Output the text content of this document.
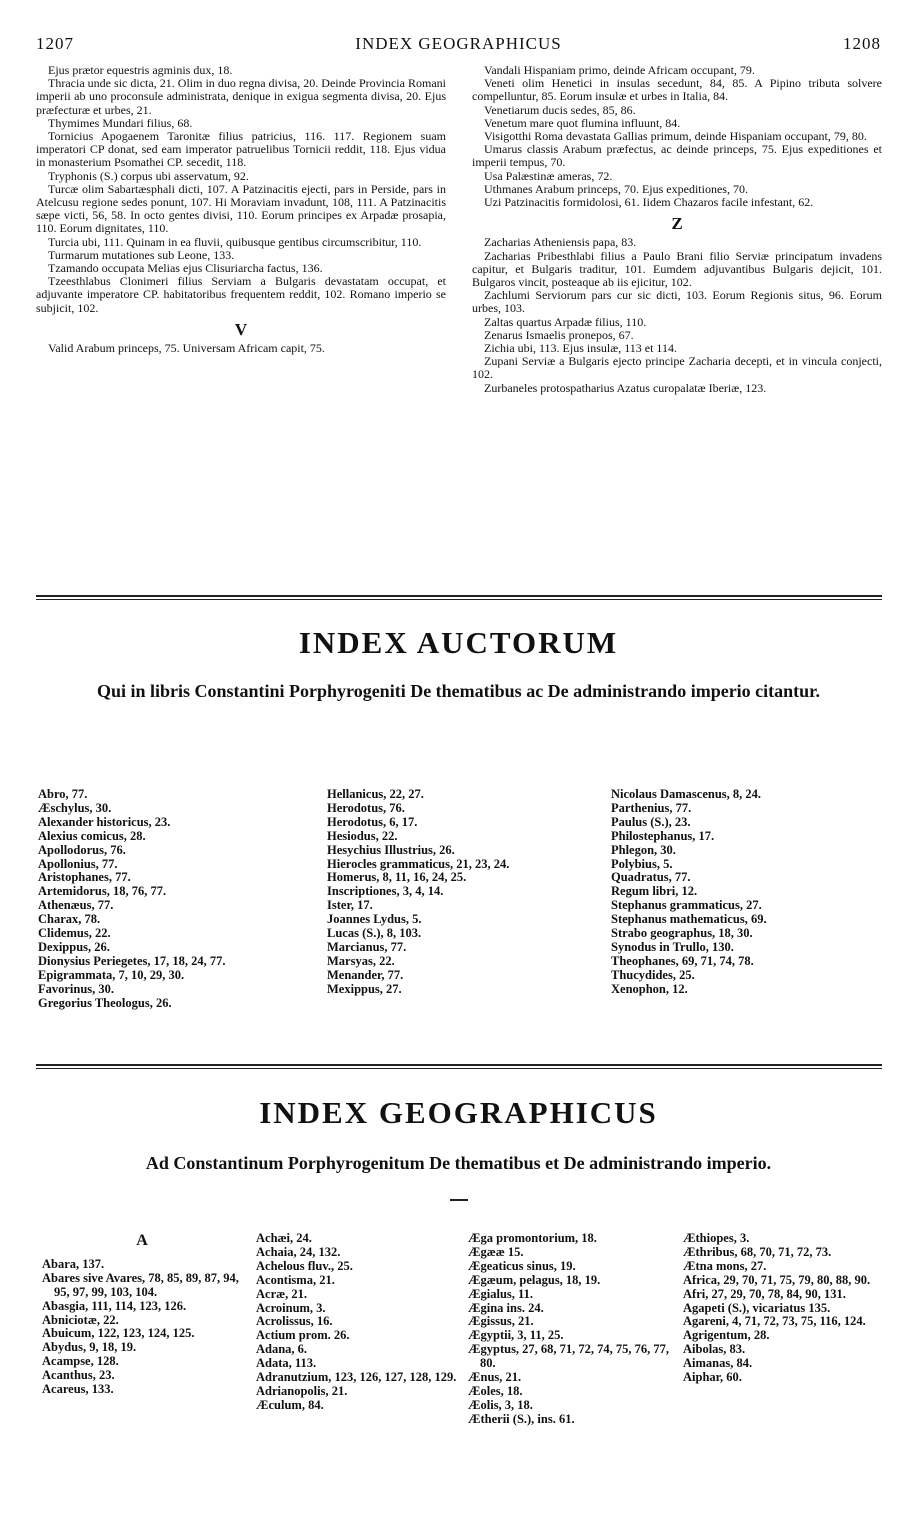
1207	INDEX GEOGRAPHICUS	1208

Ejus prætor equestris agminis dux, 18.

Thracia unde sic dicta, 21. Olim in duo regna divisa, 20. Deinde Provincia Romani imperii ab uno proconsule administrata, denique in exigua segmenta divisa, 20. Ejus præfecturæ et urbes, 21.

Thymimes Mundari filius, 68.

Tornicius Apogaenem Taronitæ filius patricius, 116. 117. Regionem suam imperatori CP donat, sed eam imperator patruelibus Tornicii reddit, 118. Ejus vidua in monasterium Psomathei CP. secedit, 118.

Tryphonis (S.) corpus ubi asservatum, 92.

Turcæ olim Sabartæsphali dicti, 107. A Patzinacitis ejecti, pars in Perside, pars in Atelcusu regione sedes ponunt, 107. Hi Moraviam invadunt, 108, 111. A Patzinacitis sæpe victi, 56, 58. In octo gentes divisi, 110. Eorum principes ex Arpadæ prosapia, 110. Eorum dignitates, 110.

Turcia ubi, 111. Quinam in ea fluvii, quibusque gentibus circumscribitur, 110.

Turmarum mutationes sub Leone, 133.

Tzamando occupata Melias ejus Clisuriarcha factus, 136.

Tzeesthlabus Clonimeri filius Serviam a Bulgaris devastatam occupat, et adjuvante imperatore CP. habitatoribus frequentem reddit, 102. Romano imperio se subjicit, 102.

V

Valid Arabum princeps, 75. Universam Africam capit, 75.

Vandali Hispaniam primo, deinde Africam occupant, 79.

Veneti olim Henetici in insulas secedunt, 84, 85. A Pipino tributa solvere compelluntur, 85. Eorum insulæ et urbes in Italia, 84.

Venetiarum ducis sedes, 85, 86.

Venetum mare quot flumina influunt, 84.

Visigotthi Roma devastata Gallias primum, deinde Hispaniam occupant, 79, 80.

Umarus classis Arabum præfectus, ac deinde princeps, 75. Ejus expeditiones et imperii tempus, 70.

Usa Palæstinæ ameras, 72.

Uthmanes Arabum princeps, 70. Ejus expeditiones, 70.

Uzi Patzinacitis formidolosi, 61. Iidem Chazaros facile infestant, 62.

Z

Zacharias Atheniensis papa, 83.

Zacharias Pribesthlabi filius a Paulo Brani filio Serviæ principatum invadens capitur, et Bulgaris traditur, 101. Eumdem adjuvantibus Bulgaris dejicit, 101. Bulgaros vincit, posteaque ab iis ejicitur, 102.

Zachlumi Serviorum pars cur sic dicti, 103. Eorum Regionis situs, 96. Eorum urbes, 103.

Zaltas quartus Arpadæ filius, 110.

Zenarus Ismaelis pronepos, 67.

Zichia ubi, 113. Ejus insulæ, 113 et 114.

Zupani Serviæ a Bulgaris ejecto principe Zacharia decepti, et in vincula conjecti, 102.

Zurbaneles protospatharius Azatus curopalatæ Iberiæ, 123.

INDEX AUCTORUM
Qui in libris Constantini Porphyrogeniti De thematibus ac De administrando imperio citantur.
Abro, 77.
Æschylus, 30.
Alexander historicus, 23.
Alexius comicus, 28.
Apollodorus, 76.
Apollonius, 77.
Aristophanes, 77.
Artemidorus, 18, 76, 77.
Athenæus, 77.
Charax, 78.
Clidemus, 22.
Dexippus, 26.
Dionysius Periegetes, 17, 18, 24, 77.
Epigrammata, 7, 10, 29, 30.
Favorinus, 30.
Gregorius Theologus, 26.
Hellanicus, 22, 27.
Herodotus, 76.
Herodotus, 6, 17.
Hesiodus, 22.
Hesychius Illustrius, 26.
Hierocles grammaticus, 21, 23, 24.
Homerus, 8, 11, 16, 24, 25.
Inscriptiones, 3, 4, 14.
Ister, 17.
Joannes Lydus, 5.
Lucas (S.), 8, 103.
Marcianus, 77.
Marsyas, 22.
Menander, 77.
Mexippus, 27.
Nicolaus Damascenus, 8, 24.
Parthenius, 77.
Paulus (S.), 23.
Philostephanus, 17.
Phlegon, 30.
Polybius, 5.
Quadratus, 77.
Regum libri, 12.
Stephanus grammaticus, 27.
Stephanus mathematicus, 69.
Strabo geographus, 18, 30.
Synodus in Trullo, 130.
Theophanes, 69, 71, 74, 78.
Thucydides, 25.
Xenophon, 12.
INDEX GEOGRAPHICUS
Ad Constantinum Porphyrogenitum De thematibus et De administrando imperio.
A
Abara, 137.
Abares sive Avares, 78, 85, 89, 87, 94, 95, 97, 99, 103, 104.
Abasgia, 111, 114, 123, 126.
Abniciotæ, 22.
Abuicum, 122, 123, 124, 125.
Abydus, 9, 18, 19.
Acampse, 128.
Acanthus, 23.
Acareus, 133.
Achæi, 24.
Achaia, 24, 132.
Achelous fluv., 25.
Acontisma, 21.
Acræ, 21.
Acroinum, 3.
Acrolissus, 16.
Actium prom. 26.
Adana, 6.
Adata, 113.
Adranutzium, 123, 126, 127, 128, 129.
Adrianopolis, 21.
Æculum, 84.
Æga promontorium, 18.
Ægææ 15.
Ægeaticus sinus, 19.
Ægæum, pelagus, 18, 19.
Ægialus, 11.
Ægina ins. 24.
Ægissus, 21.
Ægyptii, 3, 11, 25.
Ægyptus, 27, 68, 71, 72, 74, 75, 76, 77, 80.
Ænus, 21.
Æoles, 18.
Æolis, 3, 18.
Ætherii (S.), ins. 61.
Æthiopes, 3.
Æthribus, 68, 70, 71, 72, 73.
Ætna mons, 27.
Africa, 29, 70, 71, 75, 79, 80, 88, 90.
Afri, 27, 29, 70, 78, 84, 90, 131.
Agapeti (S.), vicariatus 135.
Agareni, 4, 71, 72, 73, 75, 116, 124.
Agrigentum, 28.
Aibolas, 83.
Aimanas, 84.
Aiphar, 60.
